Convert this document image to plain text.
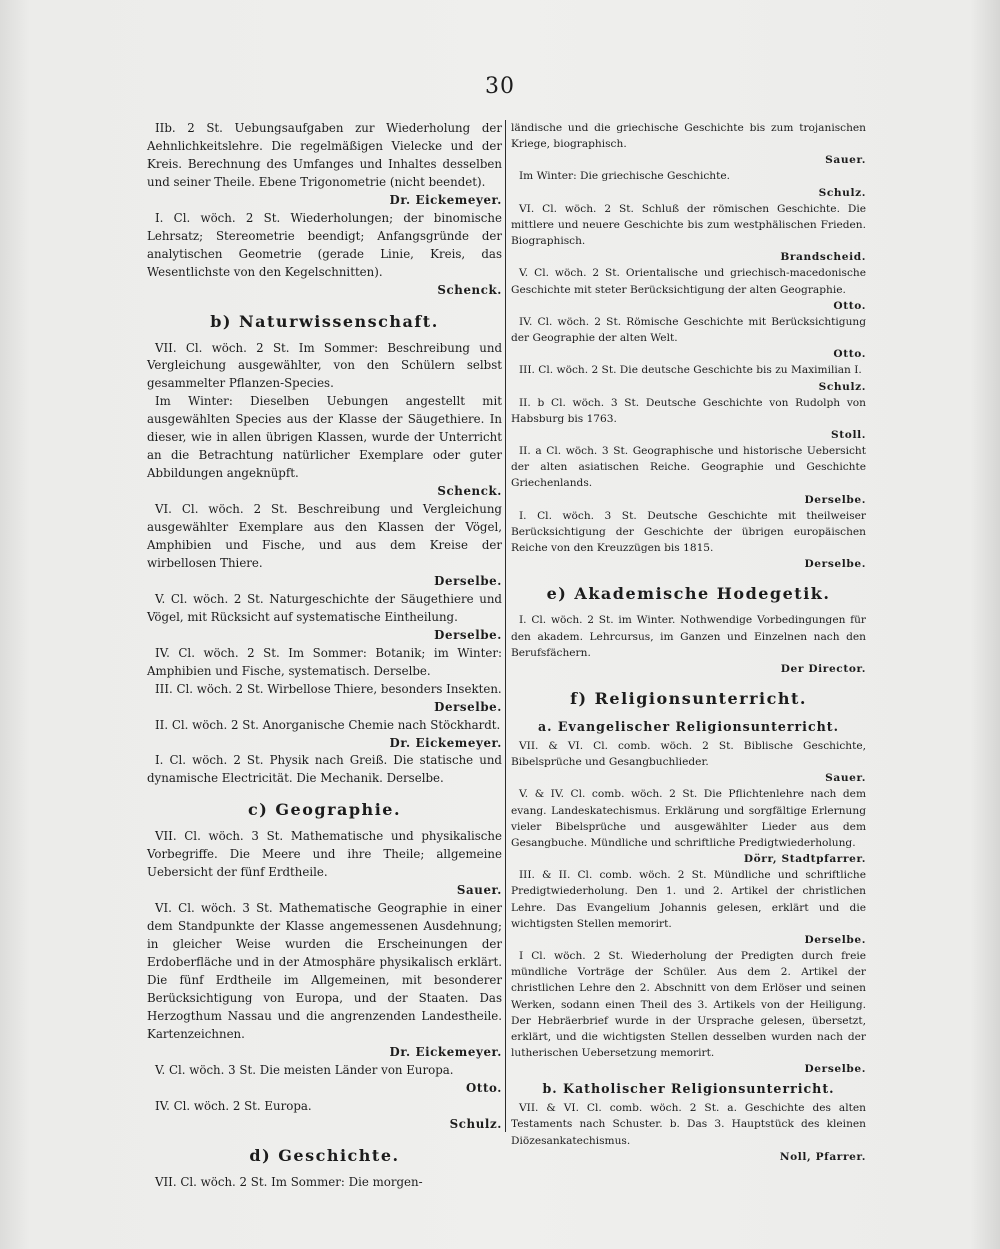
30

IIb. 2 St. Uebungsaufgaben zur Wiederholung der Aehnlichkeitslehre. Die regelmäßigen Vielecke und der Kreis. Berechnung des Umfanges und Inhaltes desselben und seiner Theile. Ebene Trigonometrie (nicht beendet).
Dr. Eickemeyer.

I. Cl. wöch. 2 St. Wiederholungen; der binomische Lehrsatz; Stereometrie beendigt; Anfangsgründe der analytischen Geometrie (gerade Linie, Kreis, das Wesentlichste von den Kegelschnitten).
Schenck.

b) Naturwissenschaft.

VII. Cl. wöch. 2 St. Im Sommer: Beschreibung und Vergleichung ausgewählter, von den Schülern selbst gesammelter Pflanzen-Species.

Im Winter: Dieselben Uebungen angestellt mit ausgewählten Species aus der Klasse der Säugethiere. In dieser, wie in allen übrigen Klassen, wurde der Unterricht an die Betrachtung natürlicher Exemplare oder guter Abbildungen angeknüpft.
Schenck.

VI. Cl. wöch. 2 St. Beschreibung und Vergleichung ausgewählter Exemplare aus den Klassen der Vögel, Amphibien und Fische, und aus dem Kreise der wirbellosen Thiere.
Derselbe.

V. Cl. wöch. 2 St. Naturgeschichte der Säugethiere und Vögel, mit Rücksicht auf systematische Eintheilung.
Derselbe.

IV. Cl. wöch. 2 St. Im Sommer: Botanik; im Winter: Amphibien und Fische, systematisch. Derselbe.

III. Cl. wöch. 2 St. Wirbellose Thiere, besonders Insekten.
Derselbe.

II. Cl. wöch. 2 St. Anorganische Chemie nach Stöckhardt.
Dr. Eickemeyer.

I. Cl. wöch. 2 St. Physik nach Greiß. Die statische und dynamische Electricität. Die Mechanik. Derselbe.

c) Geographie.

VII. Cl. wöch. 3 St. Mathematische und physikalische Vorbegriffe. Die Meere und ihre Theile; allgemeine Uebersicht der fünf Erdtheile.
Sauer.

VI. Cl. wöch. 3 St. Mathematische Geographie in einer dem Standpunkte der Klasse angemessenen Ausdehnung; in gleicher Weise wurden die Erscheinungen der Erdoberfläche und in der Atmosphäre physikalisch erklärt. Die fünf Erdtheile im Allgemeinen, mit besonderer Berücksichtigung von Europa, und der Staaten. Das Herzogthum Nassau und die angrenzenden Landestheile. Kartenzeichnen.
Dr. Eickemeyer.

V. Cl. wöch. 3 St. Die meisten Länder von Europa.
Otto.

IV. Cl. wöch. 2 St. Europa.
Schulz.

d) Geschichte.

VII. Cl. wöch. 2 St. Im Sommer: Die morgen-

ländische und die griechische Geschichte bis zum trojanischen Kriege, biographisch.
Sauer.

Im Winter: Die griechische Geschichte.
Schulz.

VI. Cl. wöch. 2 St. Schluß der römischen Geschichte. Die mittlere und neuere Geschichte bis zum westphälischen Frieden. Biographisch.
Brandscheid.

V. Cl. wöch. 2 St. Orientalische und griechisch-macedonische Geschichte mit steter Berücksichtigung der alten Geographie.
Otto.

IV. Cl. wöch. 2 St. Römische Geschichte mit Berücksichtigung der Geographie der alten Welt.
Otto.

III. Cl. wöch. 2 St. Die deutsche Geschichte bis zu Maximilian I.
Schulz.

II. b Cl. wöch. 3 St. Deutsche Geschichte von Rudolph von Habsburg bis 1763.
Stoll.

II. a Cl. wöch. 3 St. Geographische und historische Uebersicht der alten asiatischen Reiche. Geographie und Geschichte Griechenlands.
Derselbe.

I. Cl. wöch. 3 St. Deutsche Geschichte mit theilweiser Berücksichtigung der Geschichte der übrigen europäischen Reiche von den Kreuzzügen bis 1815.
Derselbe.

e) Akademische Hodegetik.

I. Cl. wöch. 2 St. im Winter. Nothwendige Vorbedingungen für den akadem. Lehrcursus, im Ganzen und Einzelnen nach den Berufsfächern.
Der Director.

f) Religionsunterricht.
a. Evangelischer Religionsunterricht.

VII. & VI. Cl. comb. wöch. 2 St. Biblische Geschichte, Bibelsprüche und Gesangbuchlieder.
Sauer.

V. & IV. Cl. comb. wöch. 2 St. Die Pflichtenlehre nach dem evang. Landeskatechismus. Erklärung und sorgfältige Erlernung vieler Bibelsprüche und ausgewählter Lieder aus dem Gesangbuche. Mündliche und schriftliche Predigtwiederholung.
Dörr, Stadtpfarrer.

III. & II. Cl. comb. wöch. 2 St. Mündliche und schriftliche Predigtwiederholung. Den 1. und 2. Artikel der christlichen Lehre. Das Evangelium Johannis gelesen, erklärt und die wichtigsten Stellen memorirt.
Derselbe.

I Cl. wöch. 2 St. Wiederholung der Predigten durch freie mündliche Vorträge der Schüler. Aus dem 2. Artikel der christlichen Lehre den 2. Abschnitt von dem Erlöser und seinen Werken, sodann einen Theil des 3. Artikels von der Heiligung. Der Hebräerbrief wurde in der Ursprache gelesen, übersetzt, erklärt, und die wichtigsten Stellen desselben wurden nach der lutherischen Uebersetzung memorirt.
Derselbe.

b. Katholischer Religionsunterricht.

VII. & VI. Cl. comb. wöch. 2 St. a. Geschichte des alten Testaments nach Schuster. b. Das 3. Hauptstück des kleinen Diözesankatechismus.
Noll, Pfarrer.
